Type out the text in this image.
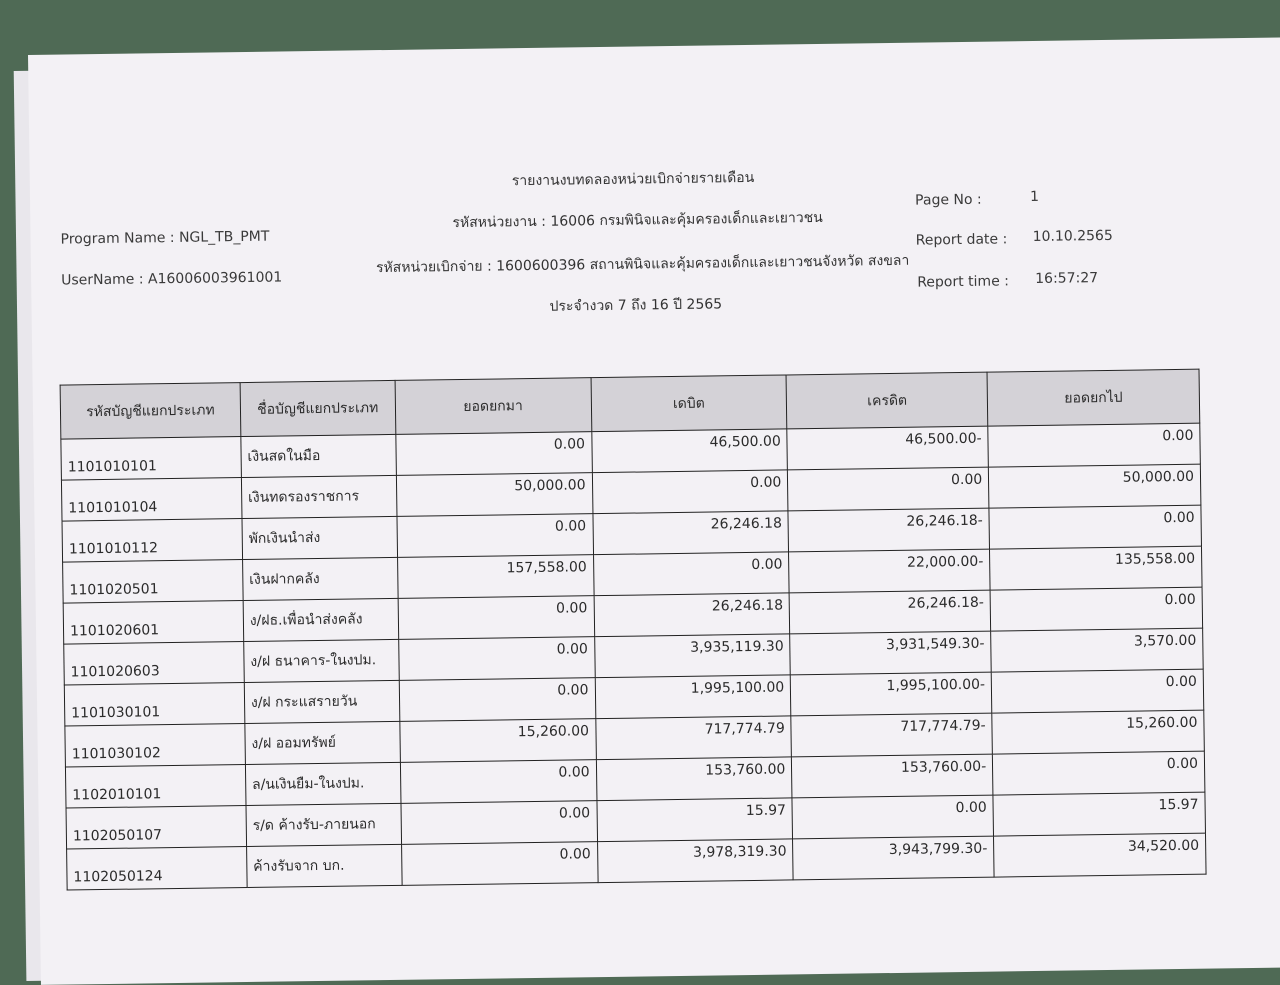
รายงานงบทดลองหน่วยเบิกจ่ายรายเดือน
รหัสหน่วยงาน : 16006 กรมพินิจและคุ้มครองเด็กและเยาวชน
รหัสหน่วยเบิกจ่าย : 1600600396 สถานพินิจและคุ้มครองเด็กและเยาวชนจังหวัด สงขลา
ประจำงวด 7 ถึง 16 ปี 2565
Program Name : NGL_TB_PMT
UserName : A16006003961001
Page No :	1
Report date : 10.10.2565
Report time : 16:57:27
รหัสบัญชีแยกประเภท	ชื่อบัญชีแยกประเภท	ยอดยกมา	เดบิต	เครดิต	ยอดยกไป
1101010101	เงินสดในมือ	0.00	46,500.00	46,500.00-	0.00
1101010104	เงินทดรองราชการ	50,000.00	0.00	0.00	50,000.00
1101010112	พักเงินนำส่ง	0.00	26,246.18	26,246.18-	0.00
1101020501	เงินฝากคลัง	157,558.00	0.00	22,000.00-	135,558.00
1101020601	ง/ฝธ.เพื่อนำส่งคลัง	0.00	26,246.18	26,246.18-	0.00
1101020603	ง/ฝ ธนาคาร-ในงปม.	0.00	3,935,119.30	3,931,549.30-	3,570.00
1101030101	ง/ฝ กระแสรายวัน	0.00	1,995,100.00	1,995,100.00-	0.00
1101030102	ง/ฝ ออมทรัพย์	15,260.00	717,774.79	717,774.79-	15,260.00
1102010101	ล/นเงินยืม-ในงปม.	0.00	153,760.00	153,760.00-	0.00
1102050107	ร/ด ค้างรับ-ภายนอก	0.00	15.97	0.00	15.97
1102050124	ค้างรับจาก บก.	0.00	3,978,319.30	3,943,799.30-	34,520.00
